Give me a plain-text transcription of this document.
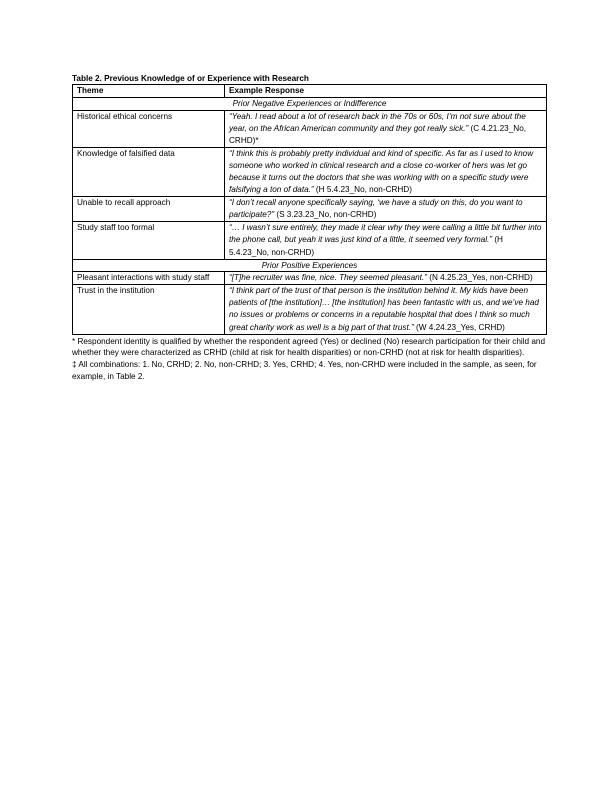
Table 2. Previous Knowledge of or Experience with Research
Theme	Example Response
Prior Negative Experiences or Indifference	
Historical ethical concerns	“Yeah. I read about a lot of research back in the 70s or 60s, I’m not sure about the year, on the African American community and they got really sick.” (C 4.21.23_No, CRHD)*
Knowledge of falsified data	“I think this is probably pretty individual and kind of specific. As far as I used to know someone who worked in clinical research and a close co-worker of hers was let go because it turns out the doctors that she was working with on a specific study were falsifying a ton of data.” (H 5.4.23_No, non-CRHD)
Unable to recall approach	“I don’t recall anyone specifically saying, ‘we have a study on this, do you want to participate?” (S 3.23.23_No, non-CRHD)
Study staff too formal	“… I wasn’t sure entirely, they made it clear why they were calling a little bit further into the phone call, but yeah it was just kind of a little, it seemed very formal.” (H 5.4.23_No, non-CRHD)
Prior Positive Experiences	
Pleasant interactions with study staff	“[T]he recruiter was fine, nice. They seemed pleasant.” (N 4.25.23_Yes, non-CRHD)
Trust in the institution	“I think part of the trust of that person is the institution behind it. My kids have been patients of [the institution]… [the institution] has been fantastic with us, and we’ve had no issues or problems or concerns in a reputable hospital that does I think so much great charity work as well is a big part of that trust.” (W 4.24.23_Yes, CRHD)

* Respondent identity is qualified by whether the respondent agreed (Yes) or declined (No) research participation for their child and whether they were characterized as CRHD (child at risk for health disparities) or non-CRHD (not at risk for health disparities).

‡ All combinations: 1. No, CRHD; 2. No, non-CRHD; 3. Yes, CRHD; 4. Yes, non-CRHD were included in the sample, as seen, for example, in Table 2.
